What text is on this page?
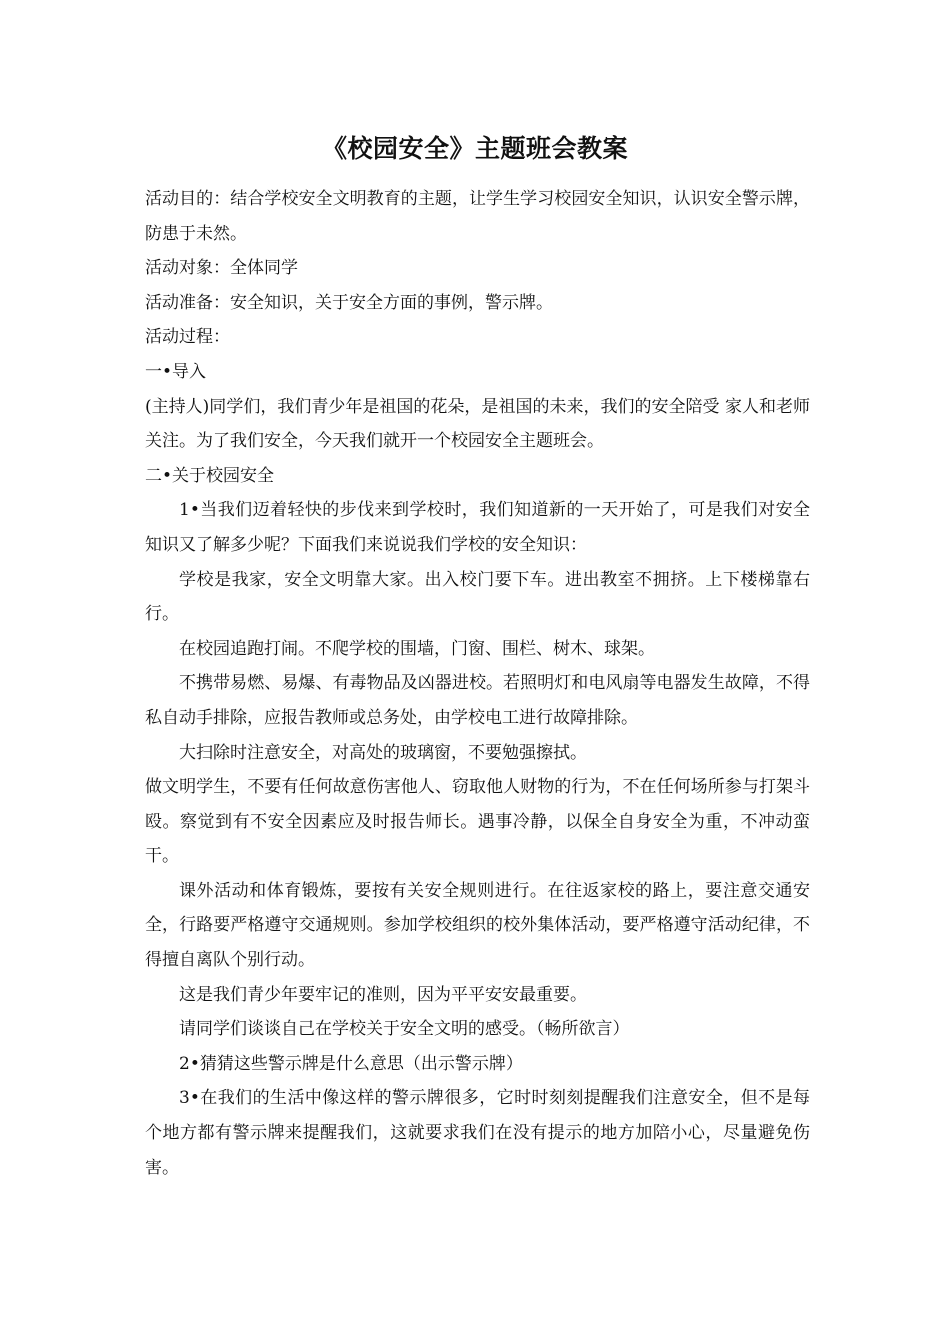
《校园安全》主题班会教案

活动目的：结合学校安全文明教育的主题，让学生学习校园安全知识，认识安全警示牌，防患于未然。

活动对象：全体同学

活动准备：安全知识，关于安全方面的事例，警示牌。

活动过程：

一•导入

(主持人)同学们，我们青少年是祖国的花朵，是祖国的未来，我们的安全陪受 家人和老师关注。为了我们安全，今天我们就开一个校园安全主题班会。

二•关于校园安全

1•当我们迈着轻快的步伐来到学校时，我们知道新的一天开始了，可是我们对安全知识又了解多少呢？下面我们来说说我们学校的安全知识：

学校是我家，安全文明靠大家。出入校门要下车。进出教室不拥挤。上下楼梯靠右行。

在校园追跑打闹。不爬学校的围墙，门窗、围栏、树木、球架。

不携带易燃、易爆、有毒物品及凶器进校。若照明灯和电风扇等电器发生故障，不得私自动手排除，应报告教师或总务处，由学校电工进行故障排除。

大扫除时注意安全，对高处的玻璃窗，不要勉强擦拭。

做文明学生，不要有任何故意伤害他人、窃取他人财物的行为，不在任何场所参与打架斗殴。察觉到有不安全因素应及时报告师长。遇事冷静，以保全自身安全为重，不冲动蛮干。

课外活动和体育锻炼，要按有关安全规则进行。在往返家校的路上，要注意交通安全，行路要严格遵守交通规则。参加学校组织的校外集体活动，要严格遵守活动纪律，不得擅自离队个别行动。

这是我们青少年要牢记的准则，因为平平安安最重要。

请同学们谈谈自己在学校关于安全文明的感受。（畅所欲言）

2•猜猜这些警示牌是什么意思（出示警示牌）

3•在我们的生活中像这样的警示牌很多，它时时刻刻提醒我们注意安全，但不是每个地方都有警示牌来提醒我们，这就要求我们在没有提示的地方加陪小心，尽量避免伤害。
